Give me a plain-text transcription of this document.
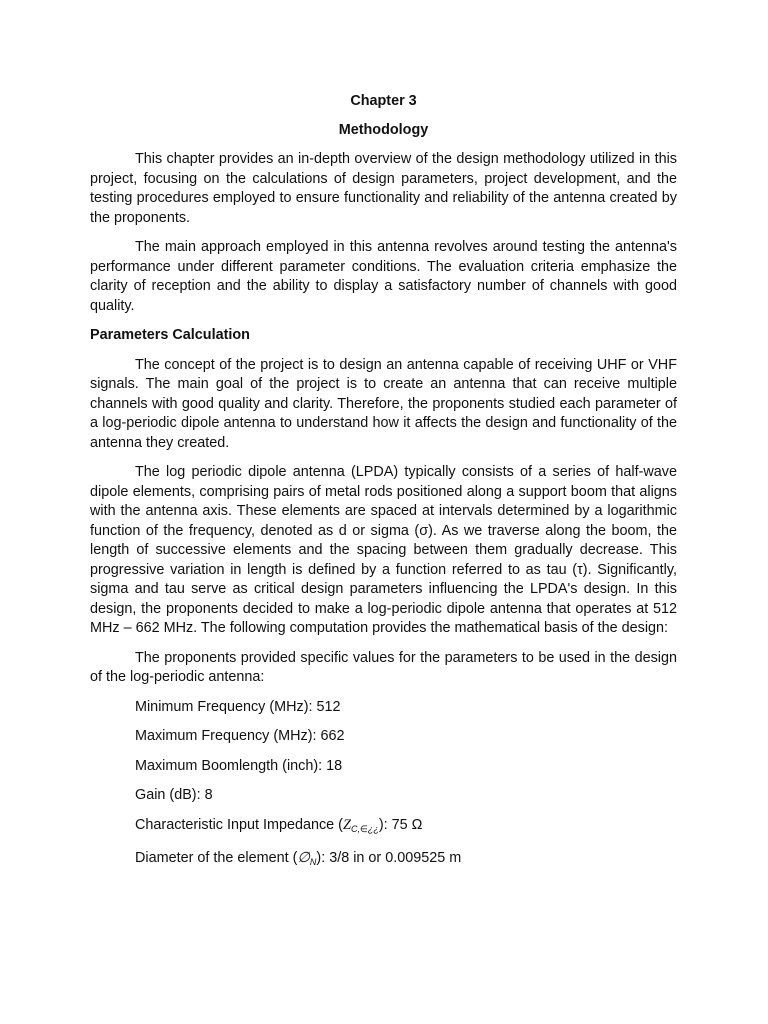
Chapter 3

Methodology

This chapter provides an in-depth overview of the design methodology utilized in this project, focusing on the calculations of design parameters, project development, and the testing procedures employed to ensure functionality and reliability of the antenna created by the proponents.

The main approach employed in this antenna revolves around testing the antenna's performance under different parameter conditions. The evaluation criteria emphasize the clarity of reception and the ability to display a satisfactory number of channels with good quality.

Parameters Calculation

The concept of the project is to design an antenna capable of receiving UHF or VHF signals. The main goal of the project is to create an antenna that can receive multiple channels with good quality and clarity. Therefore, the proponents studied each parameter of a log-periodic dipole antenna to understand how it affects the design and functionality of the antenna they created.

The log periodic dipole antenna (LPDA) typically consists of a series of half-wave dipole elements, comprising pairs of metal rods positioned along a support boom that aligns with the antenna axis. These elements are spaced at intervals determined by a logarithmic function of the frequency, denoted as d or sigma (σ). As we traverse along the boom, the length of successive elements and the spacing between them gradually decrease. This progressive variation in length is defined by a function referred to as tau (τ). Significantly, sigma and tau serve as critical design parameters influencing the LPDA's design. In this design, the proponents decided to make a log-periodic dipole antenna that operates at 512 MHz – 662 MHz. The following computation provides the mathematical basis of the design:

The proponents provided specific values for the parameters to be used in the design of the log-periodic antenna:

Minimum Frequency (MHz): 512
Maximum Frequency (MHz): 662
Maximum Boomlength (inch): 18
Gain (dB): 8
Characteristic Input Impedance $(Z_{C,\in¿¿})$: 75 Ω
Diameter of the element $(\emptyset_N)$: 3/8 in or 0.009525 m
